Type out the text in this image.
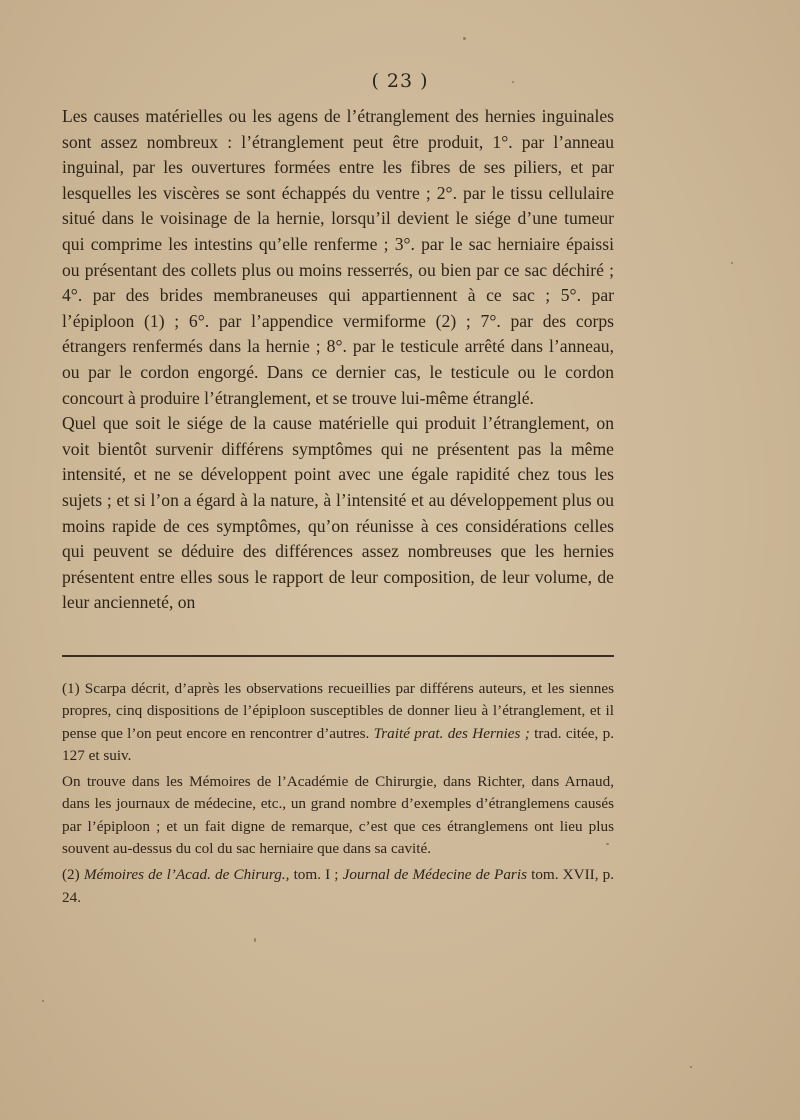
( 23 )

Les causes matérielles ou les agens de l’étranglement des hernies inguinales sont assez nombreux : l’étranglement peut être produit, 1°. par l’anneau inguinal, par les ouvertures formées entre les fibres de ses piliers, et par lesquelles les viscères se sont échappés du ventre ; 2°. par le tissu cellulaire situé dans le voisinage de la hernie, lorsqu’il devient le siége d’une tumeur qui comprime les intestins qu’elle renferme ; 3°. par le sac herniaire épaissi ou présentant des collets plus ou moins resserrés, ou bien par ce sac déchiré ; 4°. par des brides membraneuses qui appartiennent à ce sac ; 5°. par l’épiploon (1) ; 6°. par l’appendice vermiforme (2) ; 7°. par des corps étrangers renfermés dans la hernie ; 8°. par le testicule arrêté dans l’anneau, ou par le cordon engorgé. Dans ce dernier cas, le testicule ou le cordon concourt à produire l’étranglement, et se trouve lui-même étranglé.

Quel que soit le siége de la cause matérielle qui produit l’étranglement, on voit bientôt survenir différens symptômes qui ne présentent pas la même intensité, et ne se développent point avec une égale rapidité chez tous les sujets ; et si l’on a égard à la nature, à l’intensité et au développement plus ou moins rapide de ces symptômes, qu’on réunisse à ces considérations celles qui peuvent se déduire des différences assez nombreuses que les hernies présentent entre elles sous le rapport de leur composition, de leur volume, de leur ancienneté, on

(1) Scarpa décrit, d’après les observations recueillies par différens auteurs, et les siennes propres, cinq dispositions de l’épiploon susceptibles de donner lieu à l’étranglement, et il pense que l’on peut encore en rencontrer d’autres. Traité prat. des Hernies ; trad. citée, p. 127 et suiv.

On trouve dans les Mémoires de l’Académie de Chirurgie, dans Richter, dans Arnaud, dans les journaux de médecine, etc., un grand nombre d’exemples d’étranglemens causés par l’épiploon ; et un fait digne de remarque, c’est que ces étranglemens ont lieu plus souvent au-dessus du col du sac herniaire que dans sa cavité.

(2) Mémoires de l’Acad. de Chirurg., tom. I ; Journal de Médecine de Paris tom. XVII, p. 24.
